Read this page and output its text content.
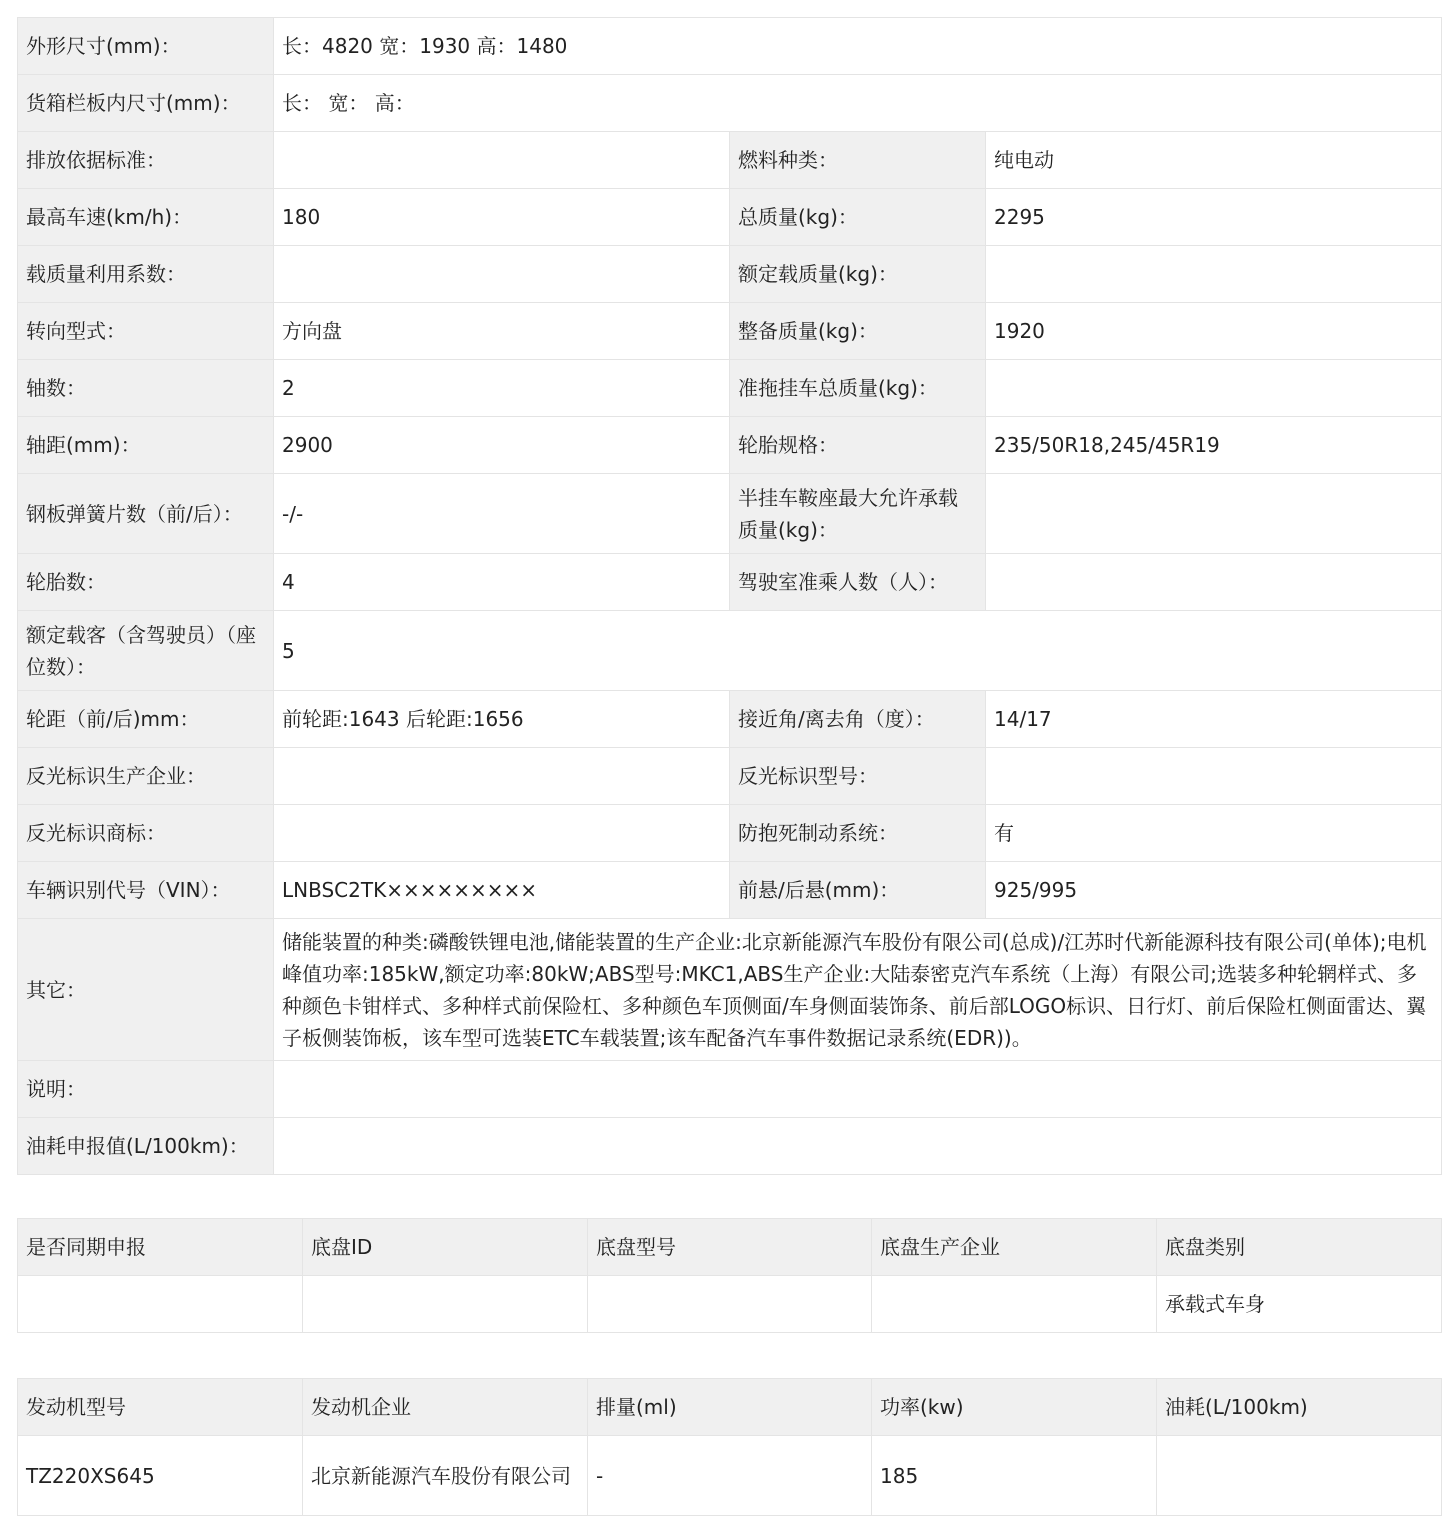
外形尺寸(mm)：	长：4820 宽：1930 高：1480		
货箱栏板内尺寸(mm)：	长： 宽： 高：		
排放依据标准：		燃料种类：	纯电动
最高车速(km/h)：	180	总质量(kg)：	2295
载质量利用系数：		额定载质量(kg)：	
转向型式：	方向盘	整备质量(kg)：	1920
轴数：	2	准拖挂车总质量(kg)：	
轴距(mm)：	2900	轮胎规格：	235/50R18,245/45R19
钢板弹簧片数（前/后）：	-/-	半挂车鞍座最大允许承载质量(kg)：	
轮胎数：	4	驾驶室准乘人数（人）：	
额定载客（含驾驶员）（座位数）：	5		
轮距（前/后)mm：	前轮距:1643 后轮距:1656	接近角/离去角（度）：	14/17
反光标识生产企业：		反光标识型号：	
反光标识商标：		防抱死制动系统：	有
车辆识别代号（VIN）：	LNBSC2TK×××××××××	前悬/后悬(mm)：	925/995
其它：	储能装置的种类:磷酸铁锂电池,储能装置的生产企业:北京新能源汽车股份有限公司(总成)/江苏时代新能源科技有限公司(单体);电机峰值功率:185kW,额定功率:80kW;ABS型号:MKC1,ABS生产企业:大陆泰密克汽车系统（上海）有限公司;选装多种轮辋样式、多种颜色卡钳样式、多种样式前保险杠、多种颜色车顶侧面/车身侧面装饰条、前后部LOGO标识、日行灯、前后保险杠侧面雷达、翼子板侧装饰板，该车型可选装ETC车载装置;该车配备汽车事件数据记录系统(EDR))。		
说明：			
油耗申报值(L/100km)：			
是否同期申报	底盘ID	底盘型号	底盘生产企业	底盘类别
				承载式车身
发动机型号	发动机企业	排量(ml)	功率(kw)	油耗(L/100km)
TZ220XS645	北京新能源汽车股份有限公司	-	185	
